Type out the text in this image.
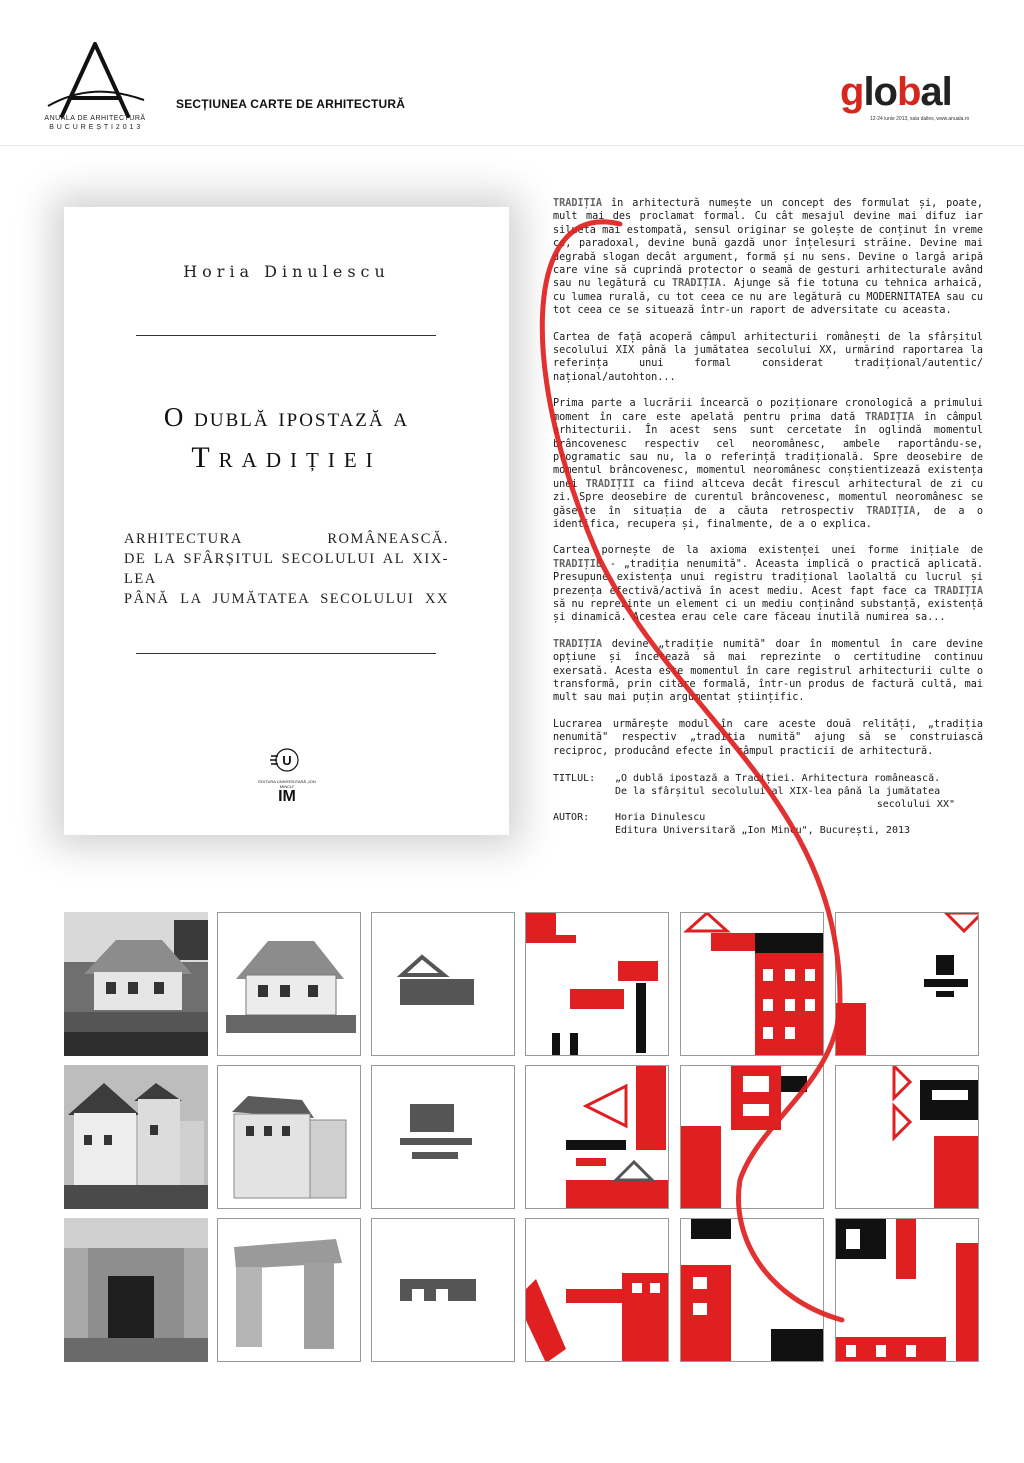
ANUALA DE ARHITECTURĂ
B U C U R E Ș T I 2 0 1 3
SECȚIUNEA CARTE DE ARHITECTURĂ	global
12-24 iunie 2013, sala dalles, www.anuala.ro
Horia Dinulescu
O dublă ipostază a
Tradiției
ARHITECTURA ROMÂNEASCĂ.
DE LA SFÂRȘITUL SECOLULUI AL XIX-LEA
PÂNĂ LA JUMĂTATEA SECOLULUI XX
U
EDITURA UNIVERSITARĂ „ION MINCU”
IM

TRADIȚIA în arhitectură numește un concept des formulat și, poate, mult mai des proclamat formal. Cu cât mesajul devine mai difuz iar silueta mai estompată, sensul originar se golește de conținut în vreme ce, paradoxal, devine bună gazdă unor înțelesuri străine. Devine mai degrabă slogan decât argument, formă și nu sens. Devine o largă aripă care vine să cuprindă protector o seamă de gesturi arhitecturale având sau nu legătură cu TRADIȚIA. Ajunge să fie totuna cu tehnica arhaică, cu lumea rurală, cu tot ceea ce nu are legătură cu MODERNITATEA sau cu tot ceea ce se situează într-un raport de adversitate cu aceasta.

Cartea de față acoperă câmpul arhitecturii românești de la sfârșitul secolului XIX până la jumătatea secolului XX, urmărind raportarea la referința unui formal considerat tradițional/autentic/ național/autohton...

Prima parte a lucrării încearcă o poziționare cronologică a primului moment în care este apelată pentru prima dată TRADIȚIA în câmpul arhitecturii. În acest sens sunt cercetate în oglindă momentul brâncovenesc respectiv cel neoromânesc, ambele raportându-se, programatic sau nu, la o referință tradițională. Spre deosebire de momentul brâncovenesc, momentul neoromânesc conștientizează existența unei TRADIȚII ca fiind altceva decât firescul arhitectural de zi cu zi. Spre deosebire de curentul brâncovenesc, momentul neoromânesc se găsește în situația de a căuta retrospectiv TRADIȚIA, de a o identifica, recupera și, finalmente, de a o explica.

Cartea pornește de la axioma existenței unei forme inițiale de TRADIȚIE - „tradiția nenumită". Aceasta implică o practică aplicată. Presupune existența unui registru tradițional laolaltă cu lucrul și prezența efectivă/activă în acest mediu. Acest fapt face ca TRADIȚIA să nu reprezinte un element ci un mediu conținând substanță, existență și dinamică. Acestea erau cele care făceau inutilă numirea sa...

TRADIȚIA devine „tradiție numită" doar în momentul în care devine opțiune și încetează să mai reprezinte o certitudine continuu exersată. Acesta este momentul în care registrul arhitecturii culte o transformă, prin citare formală, într-un produs de factură cultă, mai mult sau mai puțin argumentat științific.

Lucrarea urmărește modul în care aceste două relități, „tradiția nenumită" respectiv „tradiția numită" ajung să se construiască reciproc, producând efecte în câmpul practicii de arhitectură.

TITLUL:	„O dublă ipostază a Tradiției. Arhitectura românească.
De la sfârșitul secolului al XIX-lea până la jumătatea
secolului XX"
AUTOR:	Horia Dinulescu
Editura Universitară „Ion Mincu", București, 2013
